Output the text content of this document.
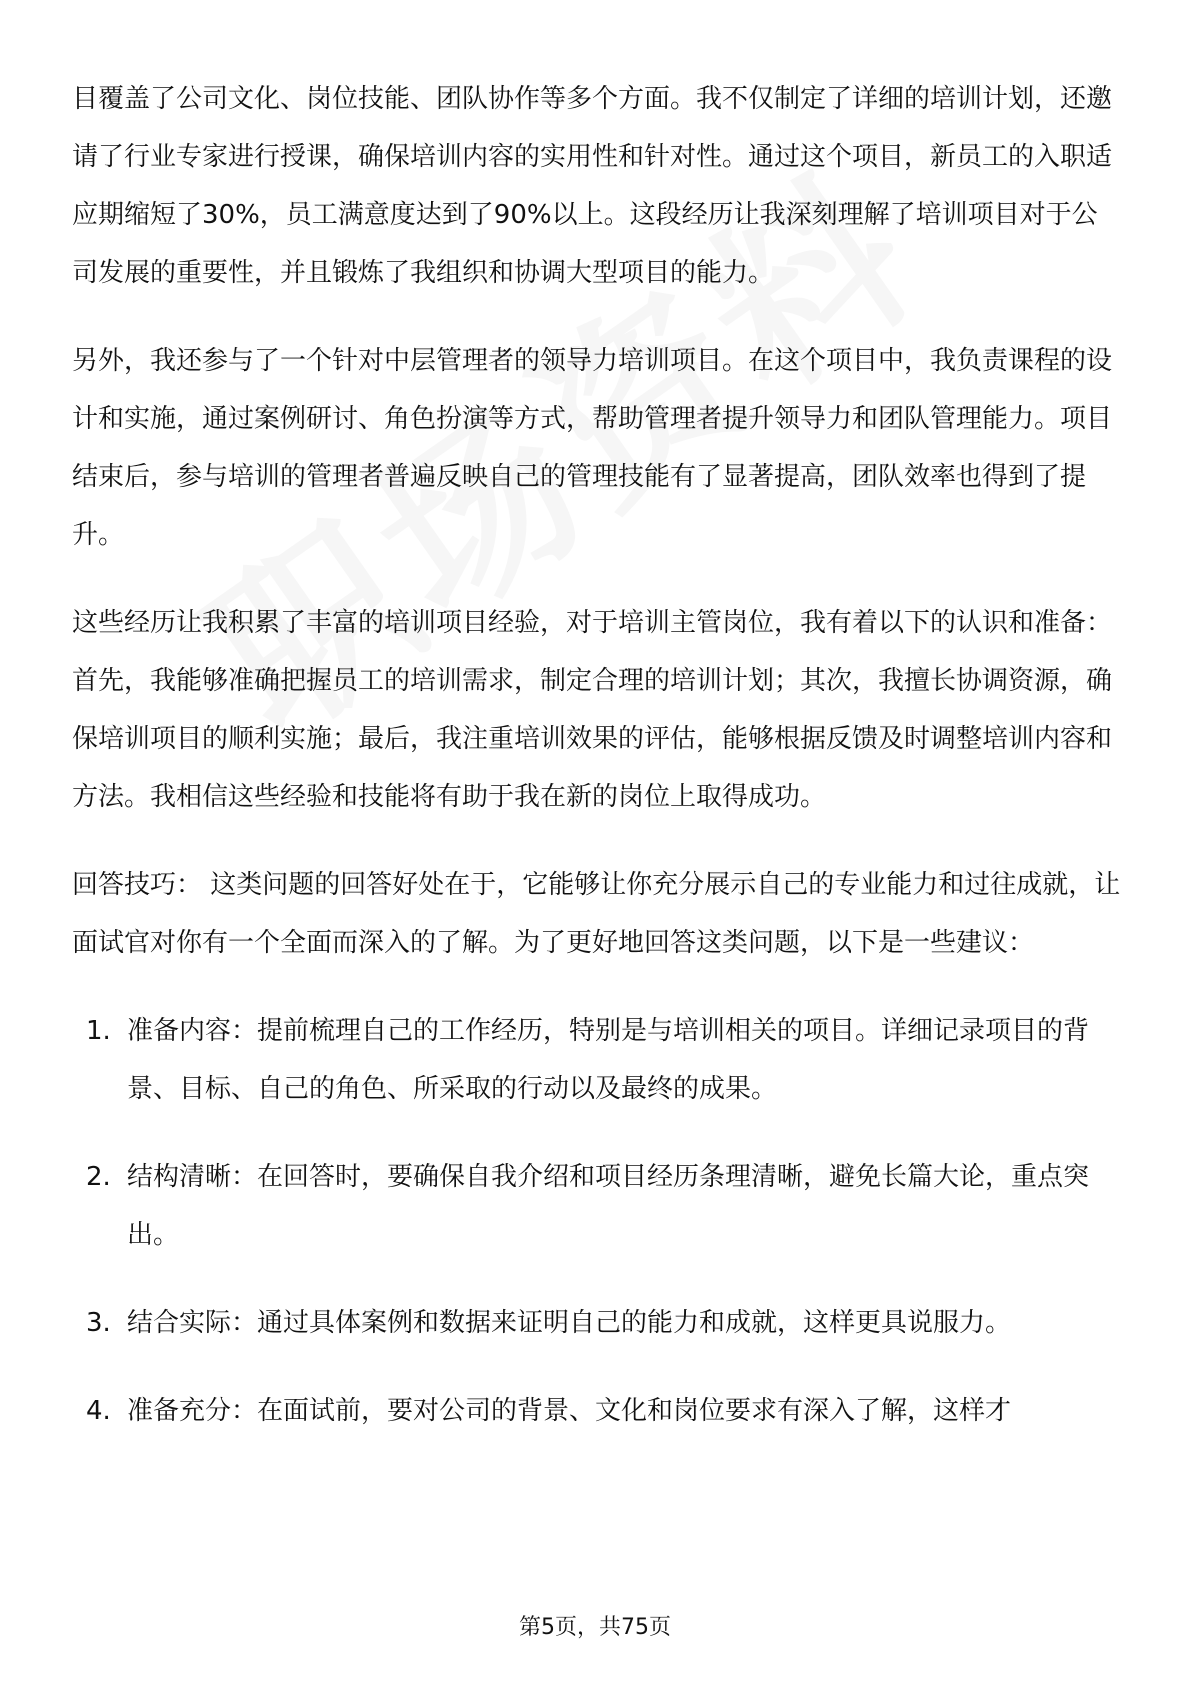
目覆盖了公司文化、岗位技能、团队协作等多个方面。我不仅制定了详细的培训计划，还邀请了行业专家进行授课，确保培训内容的实用性和针对性。通过这个项目，新员工的入职适应期缩短了30%，员工满意度达到了90%以上。这段经历让我深刻理解了培训项目对于公司发展的重要性，并且锻炼了我组织和协调大型项目的能力。

另外，我还参与了一个针对中层管理者的领导力培训项目。在这个项目中，我负责课程的设计和实施，通过案例研讨、角色扮演等方式，帮助管理者提升领导力和团队管理能力。项目结束后，参与培训的管理者普遍反映自己的管理技能有了显著提高，团队效率也得到了提升。

这些经历让我积累了丰富的培训项目经验，对于培训主管岗位，我有着以下的认识和准备：首先，我能够准确把握员工的培训需求，制定合理的培训计划；其次，我擅长协调资源，确保培训项目的顺利实施；最后，我注重培训效果的评估，能够根据反馈及时调整培训内容和方法。我相信这些经验和技能将有助于我在新的岗位上取得成功。

回答技巧： 这类问题的回答好处在于，它能够让你充分展示自己的专业能力和过往成就，让面试官对你有一个全面而深入的了解。为了更好地回答这类问题，以下是一些建议：

1. 准备内容：提前梳理自己的工作经历，特别是与培训相关的项目。详细记录项目的背景、目标、自己的角色、所采取的行动以及最终的成果。
2. 结构清晰：在回答时，要确保自我介绍和项目经历条理清晰，避免长篇大论，重点突出。
3. 结合实际：通过具体案例和数据来证明自己的能力和成就，这样更具说服力。
4. 准备充分：在面试前，要对公司的背景、文化和岗位要求有深入了解，这样才
第5页，共75页
